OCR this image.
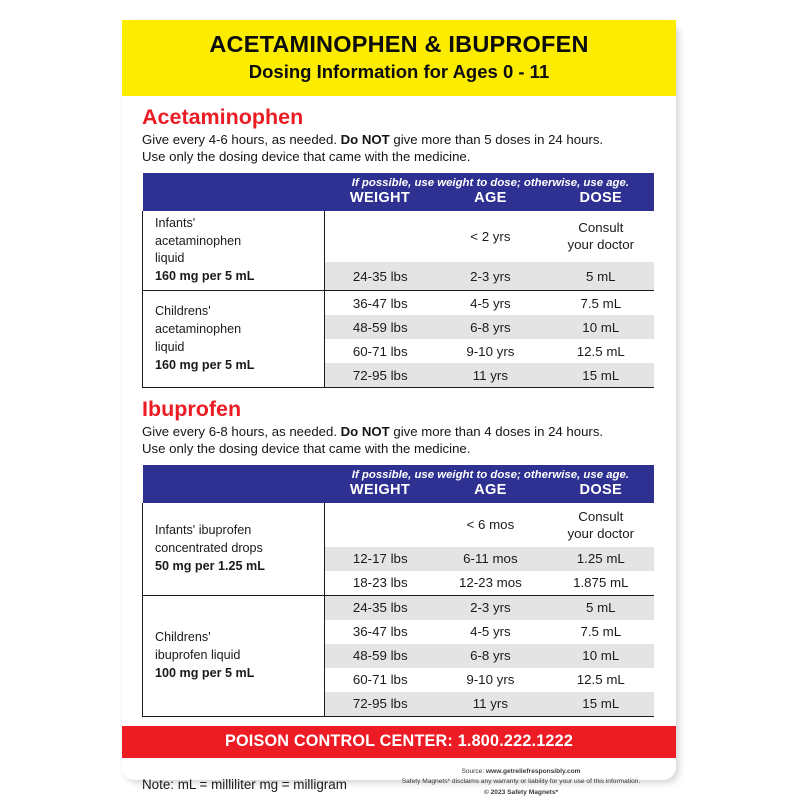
ACETAMINOPHEN & IBUPROFEN
Dosing Information for Ages 0 - 11
Acetaminophen
Give every 4-6 hours, as needed. Do NOT give more than 5 doses in 24 hours.
Use only the dosing device that came with the medicine.
	If possible, use weight to dose; otherwise, use age.		
	WEIGHT	AGE	DOSE

Infants'
acetaminophen
liquid
160 mg per 5 mL
		< 2 yrs	Consult
your doctor
	24-35 lbs	2-3 yrs	5 mL

Childrens'
acetaminophen
liquid
160 mg per 5 mL	36-47 lbs	4-5 yrs	7.5 mL
	48-59 lbs	6-8 yrs	10 mL
	60-71 lbs	9-10 yrs	12.5 mL
	72-95 lbs	11 yrs	15 mL
Ibuprofen
Give every 6-8 hours, as needed. Do NOT give more than 4 doses in 24 hours.
Use only the dosing device that came with the medicine.
	If possible, use weight to dose; otherwise, use age.		
	WEIGHT	AGE	DOSE

Infants' ibuprofen
concentrated drops
50 mg per 1.25 mL
		< 6 mos	Consult
your doctor
	12-17 lbs	6-11 mos	1.25 mL
	18-23 lbs	12-23 mos	1.875 mL

Childrens'
ibuprofen liquid
100 mg per 5 mL	24-35 lbs	2-3 yrs	5 mL
	36-47 lbs	4-5 yrs	7.5 mL
	48-59 lbs	6-8 yrs	10 mL
	60-71 lbs	9-10 yrs	12.5 mL
	72-95 lbs	11 yrs	15 mL
POISON CONTROL CENTER: 1.800.222.1222
Note: mL = milliliter mg = milligram
Source: www.getreliefresponsibly.com
Safety Magnets* disclaims any warranty or liability for your use of this information.
© 2023 Safety Magnets*
